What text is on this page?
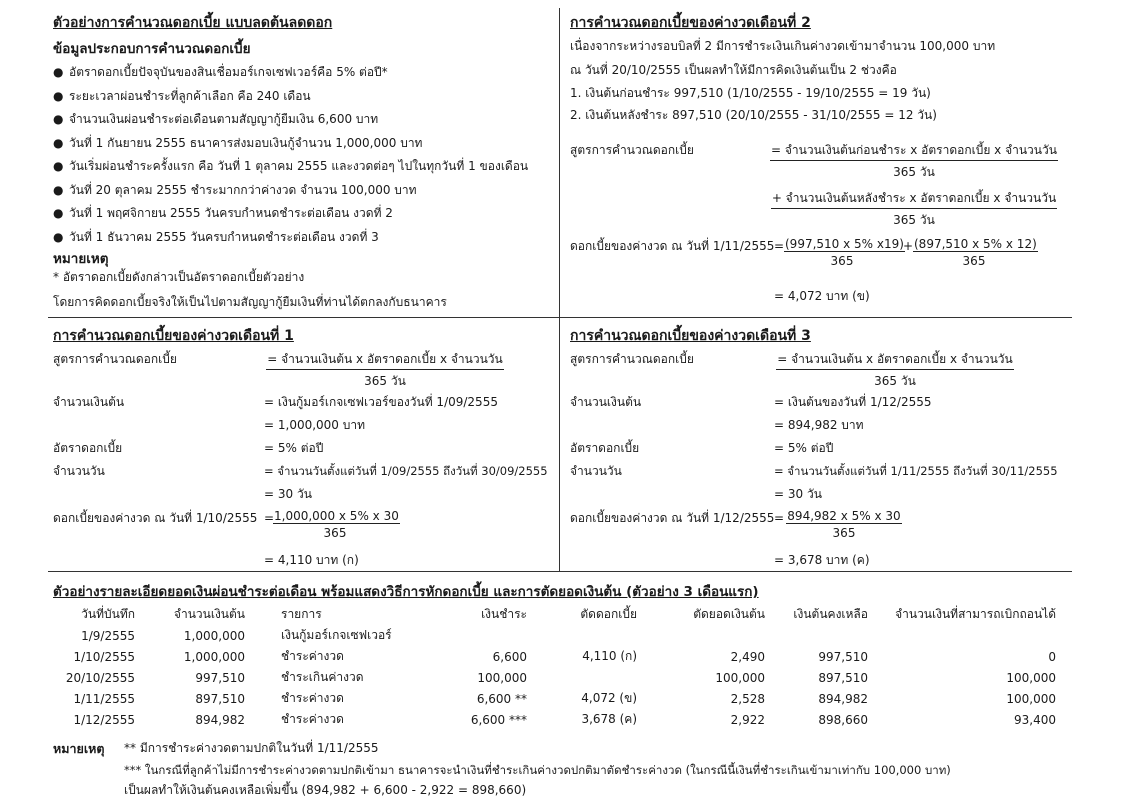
ตัวอย่างการคำนวณดอกเบี้ย แบบลดต้นลดดอก
ข้อมูลประกอบการคำนวณดอกเบี้ย
● อัตราดอกเบี้ยปัจจุบันของสินเชื่อมอร์เกจเซฟเวอร์คือ 5% ต่อปี*
● ระยะเวลาผ่อนชำระที่ลูกค้าเลือก คือ 240 เดือน
● จำนวนเงินผ่อนชำระต่อเดือนตามสัญญากู้ยืมเงิน 6,600 บาท
● วันที่ 1 กันยายน 2555 ธนาคารส่งมอบเงินกู้จำนวน 1,000,000 บาท
● วันเริ่มผ่อนชำระครั้งแรก คือ วันที่ 1 ตุลาคม 2555 และงวดต่อๆ ไปในทุกวันที่ 1 ของเดือน
● วันที่ 20 ตุลาคม 2555 ชำระมากกว่าค่างวด จำนวน 100,000 บาท
● วันที่ 1 พฤศจิกายน 2555 วันครบกำหนดชำระต่อเดือน งวดที่ 2
● วันที่ 1 ธันวาคม 2555 วันครบกำหนดชำระต่อเดือน งวดที่ 3
หมายเหตุ
* อัตราดอกเบี้ยดังกล่าวเป็นอัตราดอกเบี้ยตัวอย่าง
โดยการคิดดอกเบี้ยจริงให้เป็นไปตามสัญญากู้ยืมเงินที่ท่านได้ตกลงกับธนาคาร
การคำนวณดอกเบี้ยของค่างวดเดือนที่ 2
เนื่องจากระหว่างรอบบิลที่ 2 มีการชำระเงินเกินค่างวดเข้ามาจำนวน 100,000 บาท
ณ วันที่ 20/10/2555 เป็นผลทำให้มีการคิดเงินต้นเป็น 2 ช่วงคือ
1. เงินต้นก่อนชำระ 997,510 (1/10/2555 - 19/10/2555 = 19 วัน)
2. เงินต้นหลังชำระ 897,510 (20/10/2555 - 31/10/2555 = 12 วัน)
สูตรการคำนวณดอกเบี้ย	= จำนวนเงินต้นก่อนชำระ x อัตราดอกเบี้ย x จำนวนวัน
365 วัน
+ จำนวนเงินต้นหลังชำระ x อัตราดอกเบี้ย x จำนวนวัน
365 วัน
ดอกเบี้ยของค่างวด ณ วันที่ $1/11/2555 = \frac{(997,510 x 5\% x19)}{365} + \frac{(897,510 x 5\% x 12)}{365}$
= 4,072 บาท (ข)
การคำนวณดอกเบี้ยของค่างวดเดือนที่ 1
สูตรการคำนวณดอกเบี้ย	= จำนวนเงินต้น x อัตราดอกเบี้ย x จำนวนวัน
365 วัน
จำนวนเงินต้น	= เงินกู้มอร์เกจเซฟเวอร์ของวันที่ 1/09/2555
= 1,000,000 บาท
อัตราดอกเบี้ย	= 5% ต่อปี
จำนวนวัน	= จำนวนวันตั้งแต่วันที่ 1/09/2555 ถึงวันที่ 30/09/2555
= 30 วัน
ดอกเบี้ยของค่างวด ณ วันที่ 1/10/2555 =
$\frac{1,000,000 x 5\% x 30}{365}$
= 4,110 บาท (ก)
การคำนวณดอกเบี้ยของค่างวดเดือนที่ 3
สูตรการคำนวณดอกเบี้ย	= จำนวนเงินต้น x อัตราดอกเบี้ย x จำนวนวัน
365 วัน
จำนวนเงินต้น	= เงินต้นของวันที่ 1/12/2555
= 894,982 บาท
อัตราดอกเบี้ย	= 5% ต่อปี
จำนวนวัน	= จำนวนวันตั้งแต่วันที่ 1/11/2555 ถึงวันที่ 30/11/2555
= 30 วัน
ดอกเบี้ยของค่างวด ณ วันที่ 1/12/2555 =
$\frac{894,982 x 5\% x 30}{365}$
= 3,678 บาท (ค)
ตัวอย่างรายละเอียดยอดเงินผ่อนชำระต่อเดือน พร้อมแสดงวิธีการหักดอกเบี้ย และการตัดยอดเงินต้น (ตัวอย่าง 3 เดือนแรก)
วันที่บันทึก	จำนวนเงินต้น	รายการ	เงินชำระ	ตัดดอกเบี้ย	ตัดยอดเงินต้น	เงินต้นคงเหลือ	จำนวนเงินที่สามารถเบิกถอนได้
1/9/2555	1,000,000	เงินกู้มอร์เกจเซฟเวอร์					
1/10/2555	1,000,000	ชำระค่างวด	6,600	4,110 (ก)	2,490	997,510	0
20/10/2555	997,510	ชำระเกินค่างวด	100,000		100,000	897,510	100,000
1/11/2555	897,510	ชำระค่างวด	6,600 **	4,072 (ข)	2,528	894,982	100,000
1/12/2555	894,982	ชำระค่างวด	6,600 ***	3,678 (ค)	2,922	898,660	93,400
หมายเหตุ ** มีการชำระค่างวดตามปกติในวันที่ 1/11/2555
*** ในกรณีที่ลูกค้าไม่มีการชำระค่างวดตามปกติเข้ามา ธนาคารจะนำเงินที่ชำระเกินค่างวดปกติมาตัดชำระค่างวด (ในกรณีนี้เงินที่ชำระเกินเข้ามาเท่ากับ 100,000 บาท)
เป็นผลทำให้เงินต้นคงเหลือเพิ่มขึ้น (894,982 + 6,600 - 2,922 = 898,660)
